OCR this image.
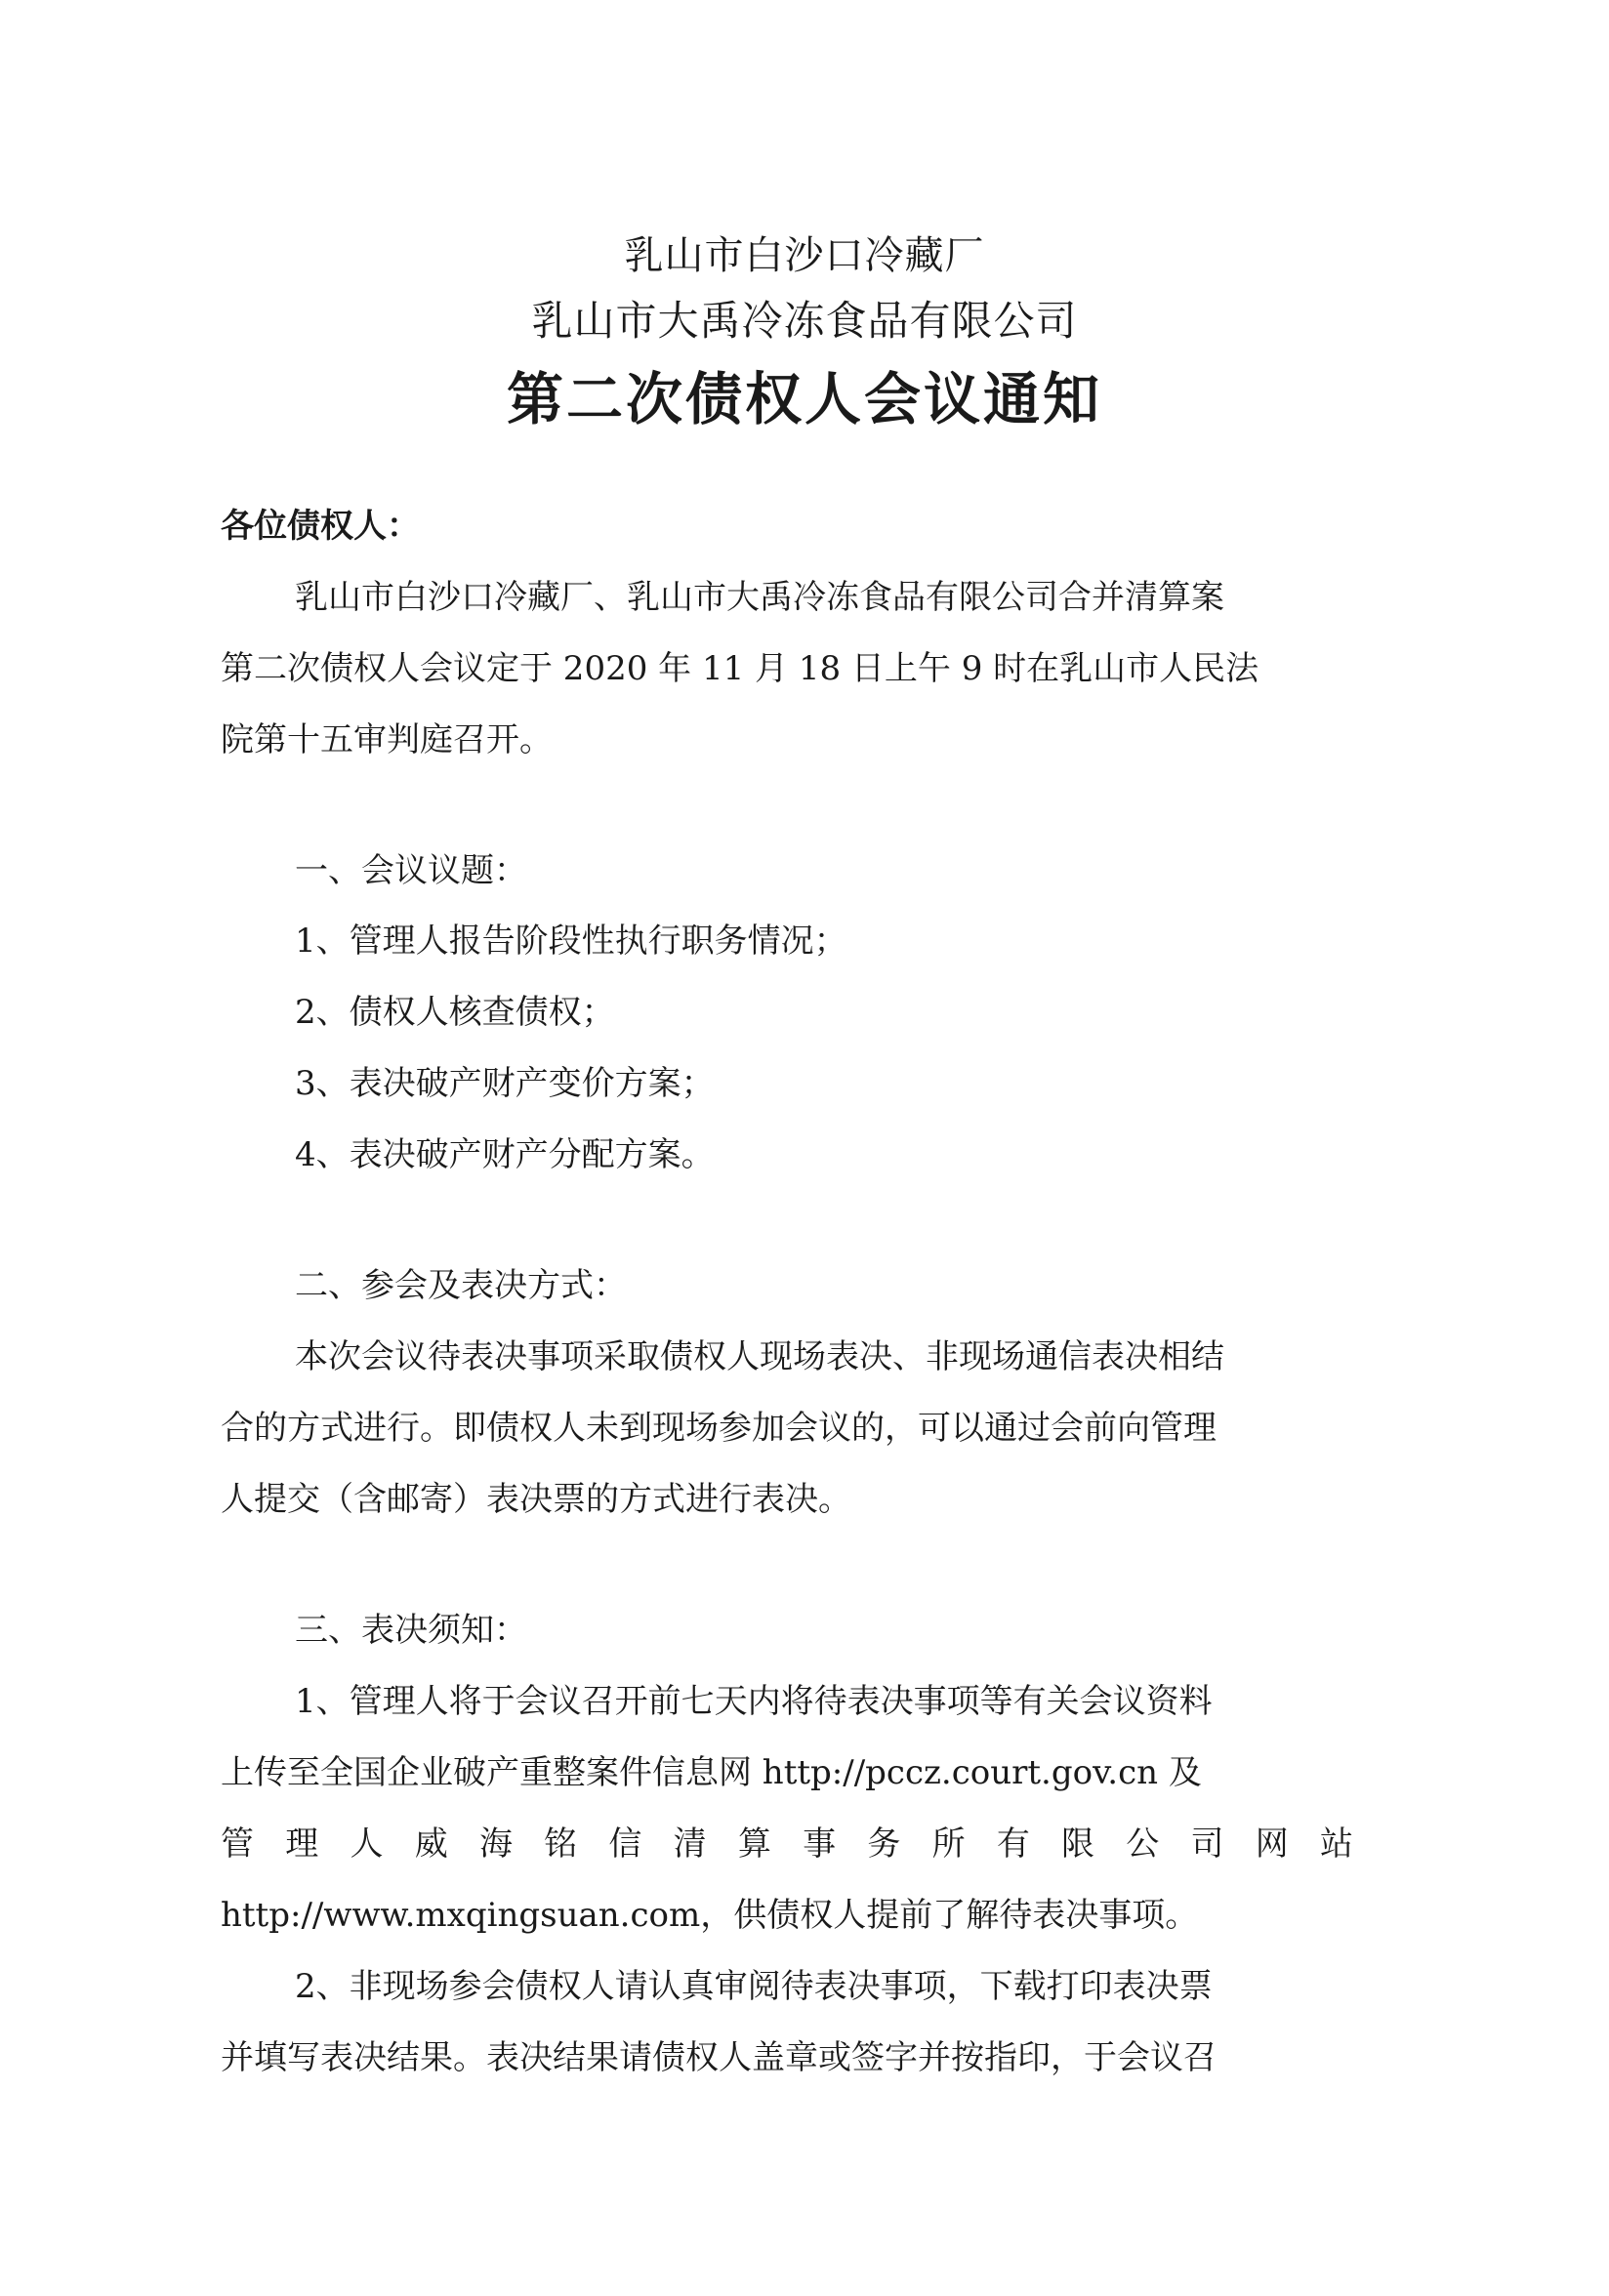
乳山市白沙口冷藏厂
乳山市大禹冷冻食品有限公司
第二次债权人会议通知
各位债权人：
乳山市白沙口冷藏厂、乳山市大禹冷冻食品有限公司合并清算案
第二次债权人会议定于 2020 年 11 月 18 日上午 9 时在乳山市人民法
院第十五审判庭召开。
一、会议议题：
1、管理人报告阶段性执行职务情况；
2、债权人核查债权；
3、表决破产财产变价方案；
4、表决破产财产分配方案。
二、参会及表决方式：
本次会议待表决事项采取债权人现场表决、非现场通信表决相结
合的方式进行。即债权人未到现场参加会议的，可以通过会前向管理
人提交（含邮寄）表决票的方式进行表决。
三、表决须知：
1、管理人将于会议召开前七天内将待表决事项等有关会议资料
上传至全国企业破产重整案件信息网 http://pccz.court.gov.cn 及
管 理 人 威 海 铭 信 清 算 事 务 所 有 限 公 司 网 站
http://www.mxqingsuan.com，供债权人提前了解待表决事项。
2、非现场参会债权人请认真审阅待表决事项，下载打印表决票
并填写表决结果。表决结果请债权人盖章或签字并按指印，于会议召
